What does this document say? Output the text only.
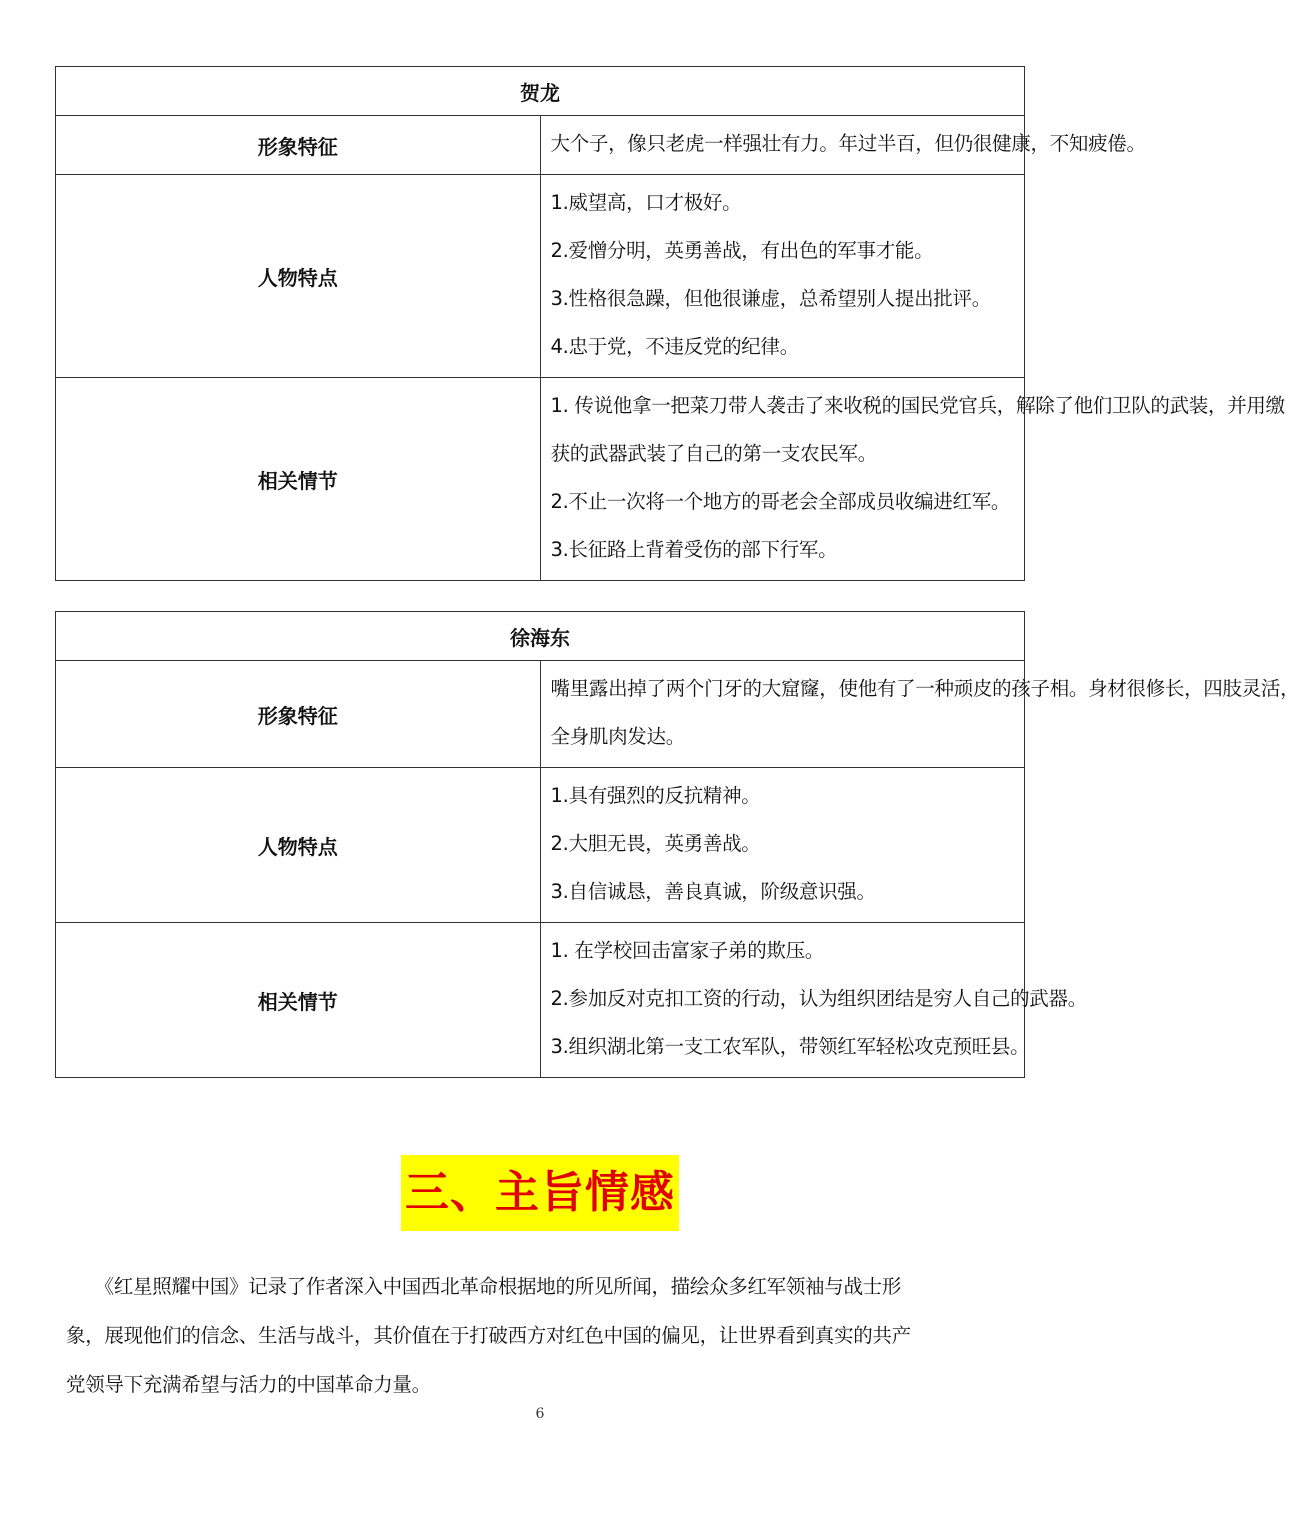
贺龙	
形象特征	大个子，像只老虎一样强壮有力。年过半百，但仍很健康，不知疲倦。

人物特点	1.威望高，口才极好。
2.爱憎分明，英勇善战，有出色的军事才能。
3.性格很急躁，但他很谦虚，总希望别人提出批评。
4.忠于党，不违反党的纪律。

相关情节	1. 传说他拿一把菜刀带人袭击了来收税的国民党官兵，解除了他们卫队的武装，并用缴
获的武器武装了自己的第一支农民军。
2.不止一次将一个地方的哥老会全部成员收编进红军。
3.长征路上背着受伤的部下行军。
徐海东	
形象特征	嘴里露出掉了两个门牙的大窟窿，使他有了一种顽皮的孩子相。身材很修长，四肢灵活，
全身肌肉发达。

人物特点	1.具有强烈的反抗精神。
2.大胆无畏，英勇善战。
3.自信诚恳，善良真诚，阶级意识强。

相关情节	1. 在学校回击富家子弟的欺压。
2.参加反对克扣工资的行动，认为组织团结是穷人自己的武器。
3.组织湖北第一支工农军队，带领红军轻松攻克预旺县。
三、主旨情感
　　《红星照耀中国》记录了作者深入中国西北革命根据地的所见所闻，描绘众多红军领袖与战士形
象，展现他们的信念、生活与战斗，其价值在于打破西方对红色中国的偏见，让世界看到真实的共产
党领导下充满希望与活力的中国革命力量。
6
